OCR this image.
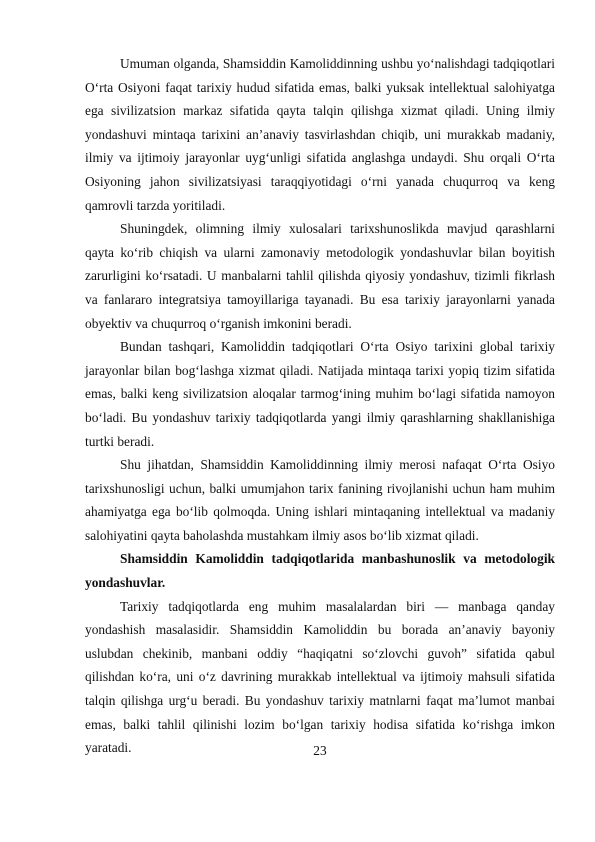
Umuman olganda, Shamsiddin Kamoliddinning ushbu yo‘nalishdagi tadqiqotlari O‘rta Osiyoni faqat tarixiy hudud sifatida emas, balki yuksak intellektual salohiyatga ega sivilizatsion markaz sifatida qayta talqin qilishga xizmat qiladi. Uning ilmiy yondashuvi mintaqa tarixini an’anaviy tasvirlashdan chiqib, uni murakkab madaniy, ilmiy va ijtimoiy jarayonlar uyg‘unligi sifatida anglashga undaydi. Shu orqali O‘rta Osiyoning jahon sivilizatsiyasi taraqqiyotidagi o‘rni yanada chuqurroq va keng qamrovli tarzda yoritiladi.

Shuningdek, olimning ilmiy xulosalari tarixshunoslikda mavjud qarashlarni qayta ko‘rib chiqish va ularni zamonaviy metodologik yondashuvlar bilan boyitish zarurligini ko‘rsatadi. U manbalarni tahlil qilishda qiyosiy yondashuv, tizimli fikrlash va fanlararo integratsiya tamoyillariga tayanadi. Bu esa tarixiy jarayonlarni yanada obyektiv va chuqurroq o‘rganish imkonini beradi.

Bundan tashqari, Kamoliddin tadqiqotlari O‘rta Osiyo tarixini global tarixiy jarayonlar bilan bog‘lashga xizmat qiladi. Natijada mintaqa tarixi yopiq tizim sifatida emas, balki keng sivilizatsion aloqalar tarmog‘ining muhim bo‘lagi sifatida namoyon bo‘ladi. Bu yondashuv tarixiy tadqiqotlarda yangi ilmiy qarashlarning shakllanishiga turtki beradi.

Shu jihatdan, Shamsiddin Kamoliddinning ilmiy merosi nafaqat O‘rta Osiyo tarixshunosligi uchun, balki umumjahon tarix fanining rivojlanishi uchun ham muhim ahamiyatga ega bo‘lib qolmoqda. Uning ishlari mintaqaning intellektual va madaniy salohiyatini qayta baholashda mustahkam ilmiy asos bo‘lib xizmat qiladi.

Shamsiddin Kamoliddin tadqiqotlarida manbashunoslik va metodologik yondashuvlar.

Tarixiy tadqiqotlarda eng muhim masalalardan biri — manbaga qanday yondashish masalasidir. Shamsiddin Kamoliddin bu borada an’anaviy bayoniy uslubdan chekinib, manbani oddiy “haqiqatni so‘zlovchi guvoh” sifatida qabul qilishdan ko‘ra, uni o‘z davrining murakkab intellektual va ijtimoiy mahsuli sifatida talqin qilishga urg‘u beradi. Bu yondashuv tarixiy matnlarni faqat ma’lumot manbai emas, balki tahlil qilinishi lozim bo‘lgan tarixiy hodisa sifatida ko‘rishga imkon yaratadi.	23
